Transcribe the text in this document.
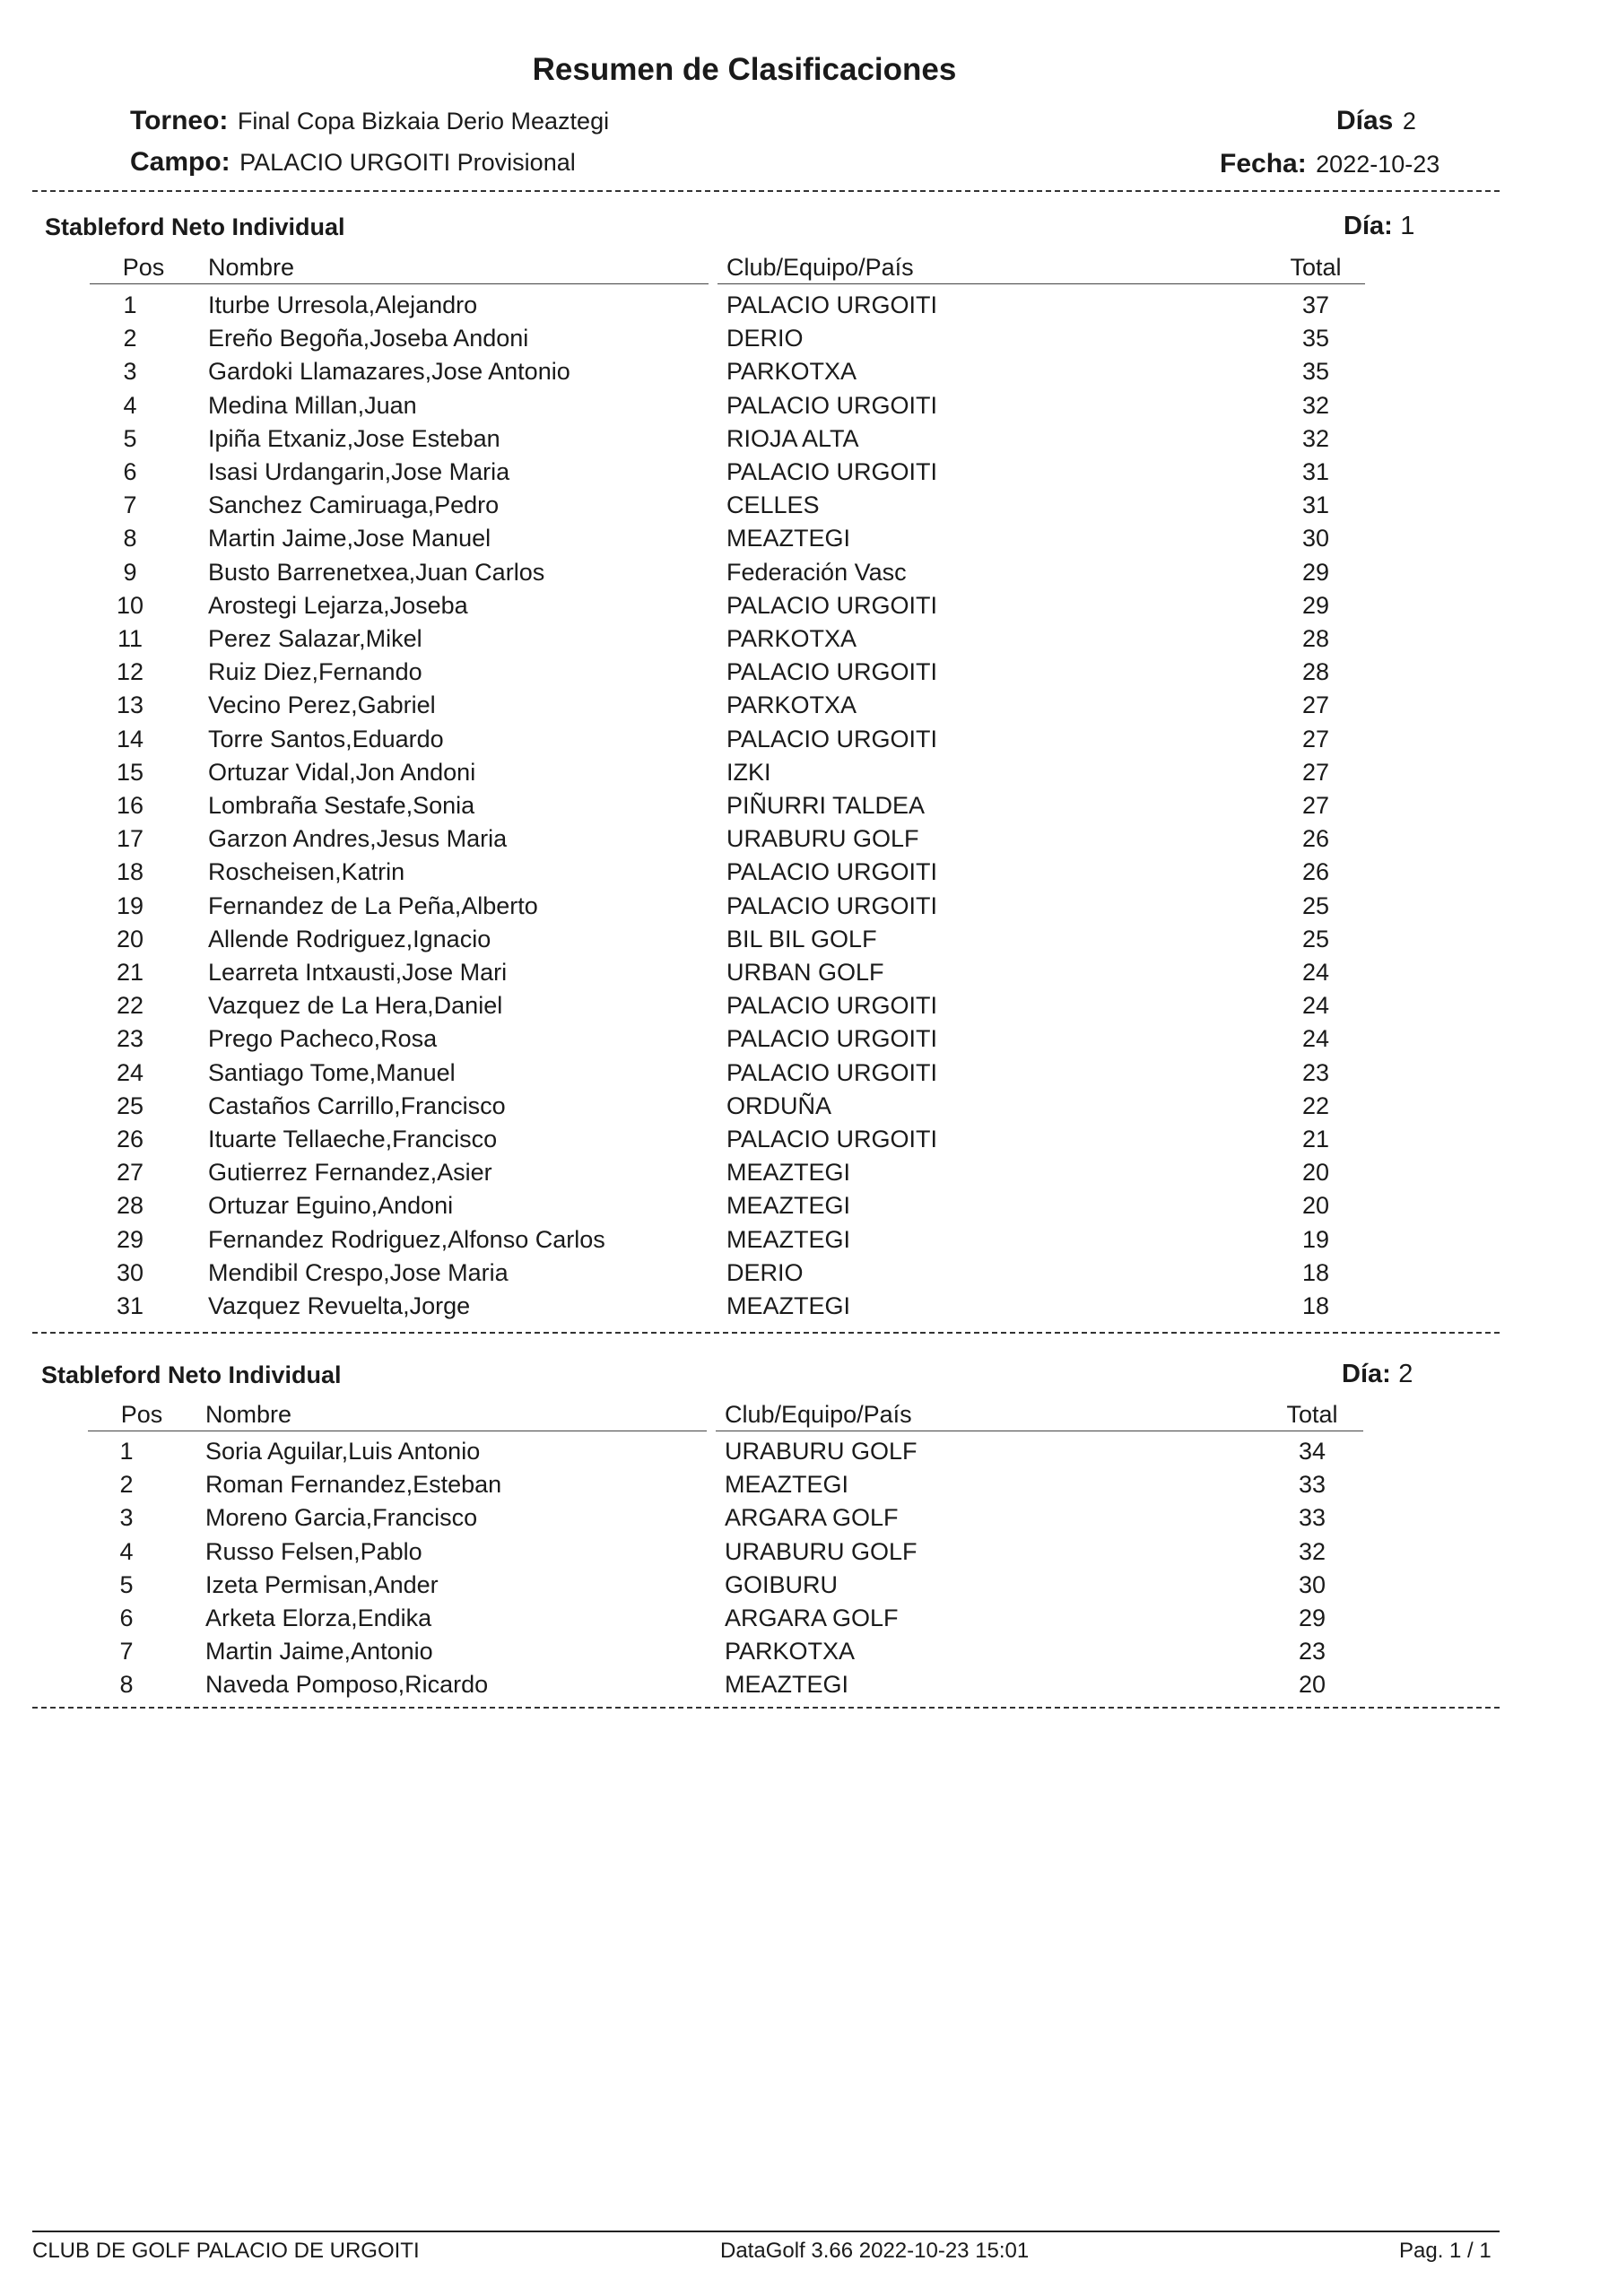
Resumen de Clasificaciones
Torneo: Final Copa Bizkaia Derio Meaztegi	Días 2
Campo: PALACIO URGOITI Provisional	Fecha: 2022-10-23
Stableford Neto Individual	Día: 1
Pos	Nombre	Club/Equipo/País	Total
1	Iturbe Urresola,Alejandro	PALACIO URGOITI	37
2	Ereño Begoña,Joseba Andoni	DERIO	35
3	Gardoki Llamazares,Jose Antonio	PARKOTXA	35
4	Medina Millan,Juan	PALACIO URGOITI	32
5	Ipiña Etxaniz,Jose Esteban	RIOJA ALTA	32
6	Isasi Urdangarin,Jose Maria	PALACIO URGOITI	31
7	Sanchez Camiruaga,Pedro	CELLES	31
8	Martin Jaime,Jose Manuel	MEAZTEGI	30
9	Busto Barrenetxea,Juan Carlos	Federación Vasc	29
10	Arostegi Lejarza,Joseba	PALACIO URGOITI	29
11	Perez Salazar,Mikel	PARKOTXA	28
12	Ruiz Diez,Fernando	PALACIO URGOITI	28
13	Vecino Perez,Gabriel	PARKOTXA	27
14	Torre Santos,Eduardo	PALACIO URGOITI	27
15	Ortuzar Vidal,Jon Andoni	IZKI	27
16	Lombraña Sestafe,Sonia	PIÑURRI TALDEA	27
17	Garzon Andres,Jesus Maria	URABURU GOLF	26
18	Roscheisen,Katrin	PALACIO URGOITI	26
19	Fernandez de La Peña,Alberto	PALACIO URGOITI	25
20	Allende Rodriguez,Ignacio	BIL BIL GOLF	25
21	Learreta Intxausti,Jose Mari	URBAN GOLF	24
22	Vazquez de La Hera,Daniel	PALACIO URGOITI	24
23	Prego Pacheco,Rosa	PALACIO URGOITI	24
24	Santiago Tome,Manuel	PALACIO URGOITI	23
25	Castaños Carrillo,Francisco	ORDUÑA	22
26	Ituarte Tellaeche,Francisco	PALACIO URGOITI	21
27	Gutierrez Fernandez,Asier	MEAZTEGI	20
28	Ortuzar Eguino,Andoni	MEAZTEGI	20
29	Fernandez Rodriguez,Alfonso Carlos	MEAZTEGI	19
30	Mendibil Crespo,Jose Maria	DERIO	18
31	Vazquez Revuelta,Jorge	MEAZTEGI	18
Stableford Neto Individual	Día: 2
Pos	Nombre	Club/Equipo/País	Total
1	Soria Aguilar,Luis Antonio	URABURU GOLF	34
2	Roman Fernandez,Esteban	MEAZTEGI	33
3	Moreno Garcia,Francisco	ARGARA GOLF	33
4	Russo Felsen,Pablo	URABURU GOLF	32
5	Izeta Permisan,Ander	GOIBURU	30
6	Arketa Elorza,Endika	ARGARA GOLF	29
7	Martin Jaime,Antonio	PARKOTXA	23
8	Naveda Pomposo,Ricardo	MEAZTEGI	20
CLUB DE GOLF PALACIO DE URGOITI	DataGolf 3.66 2022-10-23 15:01	Pag. 1 / 1
